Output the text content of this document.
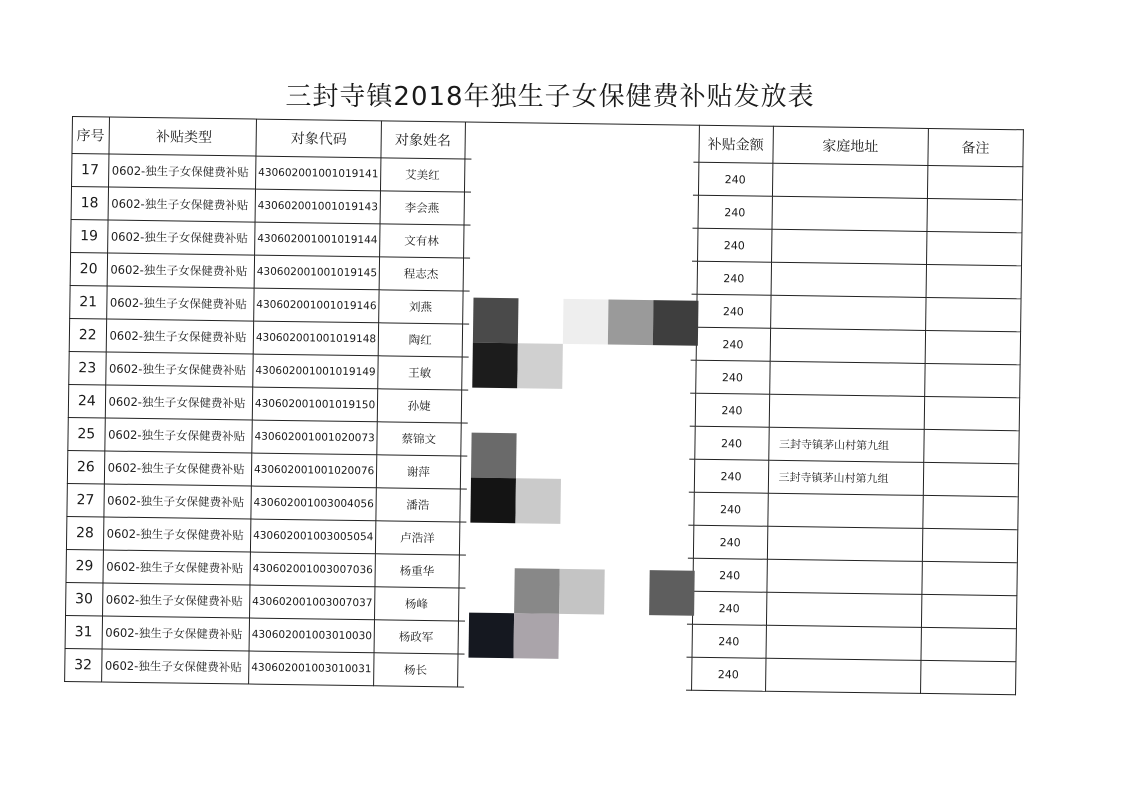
三封寺镇2018年独生子女保健费补贴发放表
序号	补贴类型	对象代码	对象姓名		补贴金额	家庭地址	备注
17	0602-独生子女保健费补贴	430602001001019141	艾美红		240		
18	0602-独生子女保健费补贴	430602001001019143	李会燕		240		
19	0602-独生子女保健费补贴	430602001001019144	文有林		240		
20	0602-独生子女保健费补贴	430602001001019145	程志杰		240		
21	0602-独生子女保健费补贴	430602001001019146	刘燕		240		
22	0602-独生子女保健费补贴	430602001001019148	陶红		240		
23	0602-独生子女保健费补贴	430602001001019149	王敏		240		
24	0602-独生子女保健费补贴	430602001001019150	孙婕		240		
25	0602-独生子女保健费补贴	430602001001020073	蔡锦文		240	三封寺镇茅山村第九组	
26	0602-独生子女保健费补贴	430602001001020076	谢萍		240	三封寺镇茅山村第九组	
27	0602-独生子女保健费补贴	430602001003004056	潘浩		240		
28	0602-独生子女保健费补贴	430602001003005054	卢浩洋		240		
29	0602-独生子女保健费补贴	430602001003007036	杨重华		240		
30	0602-独生子女保健费补贴	430602001003007037	杨峰		240		
31	0602-独生子女保健费补贴	430602001003010030	杨政军		240		
32	0602-独生子女保健费补贴	430602001003010031	杨长		240		
